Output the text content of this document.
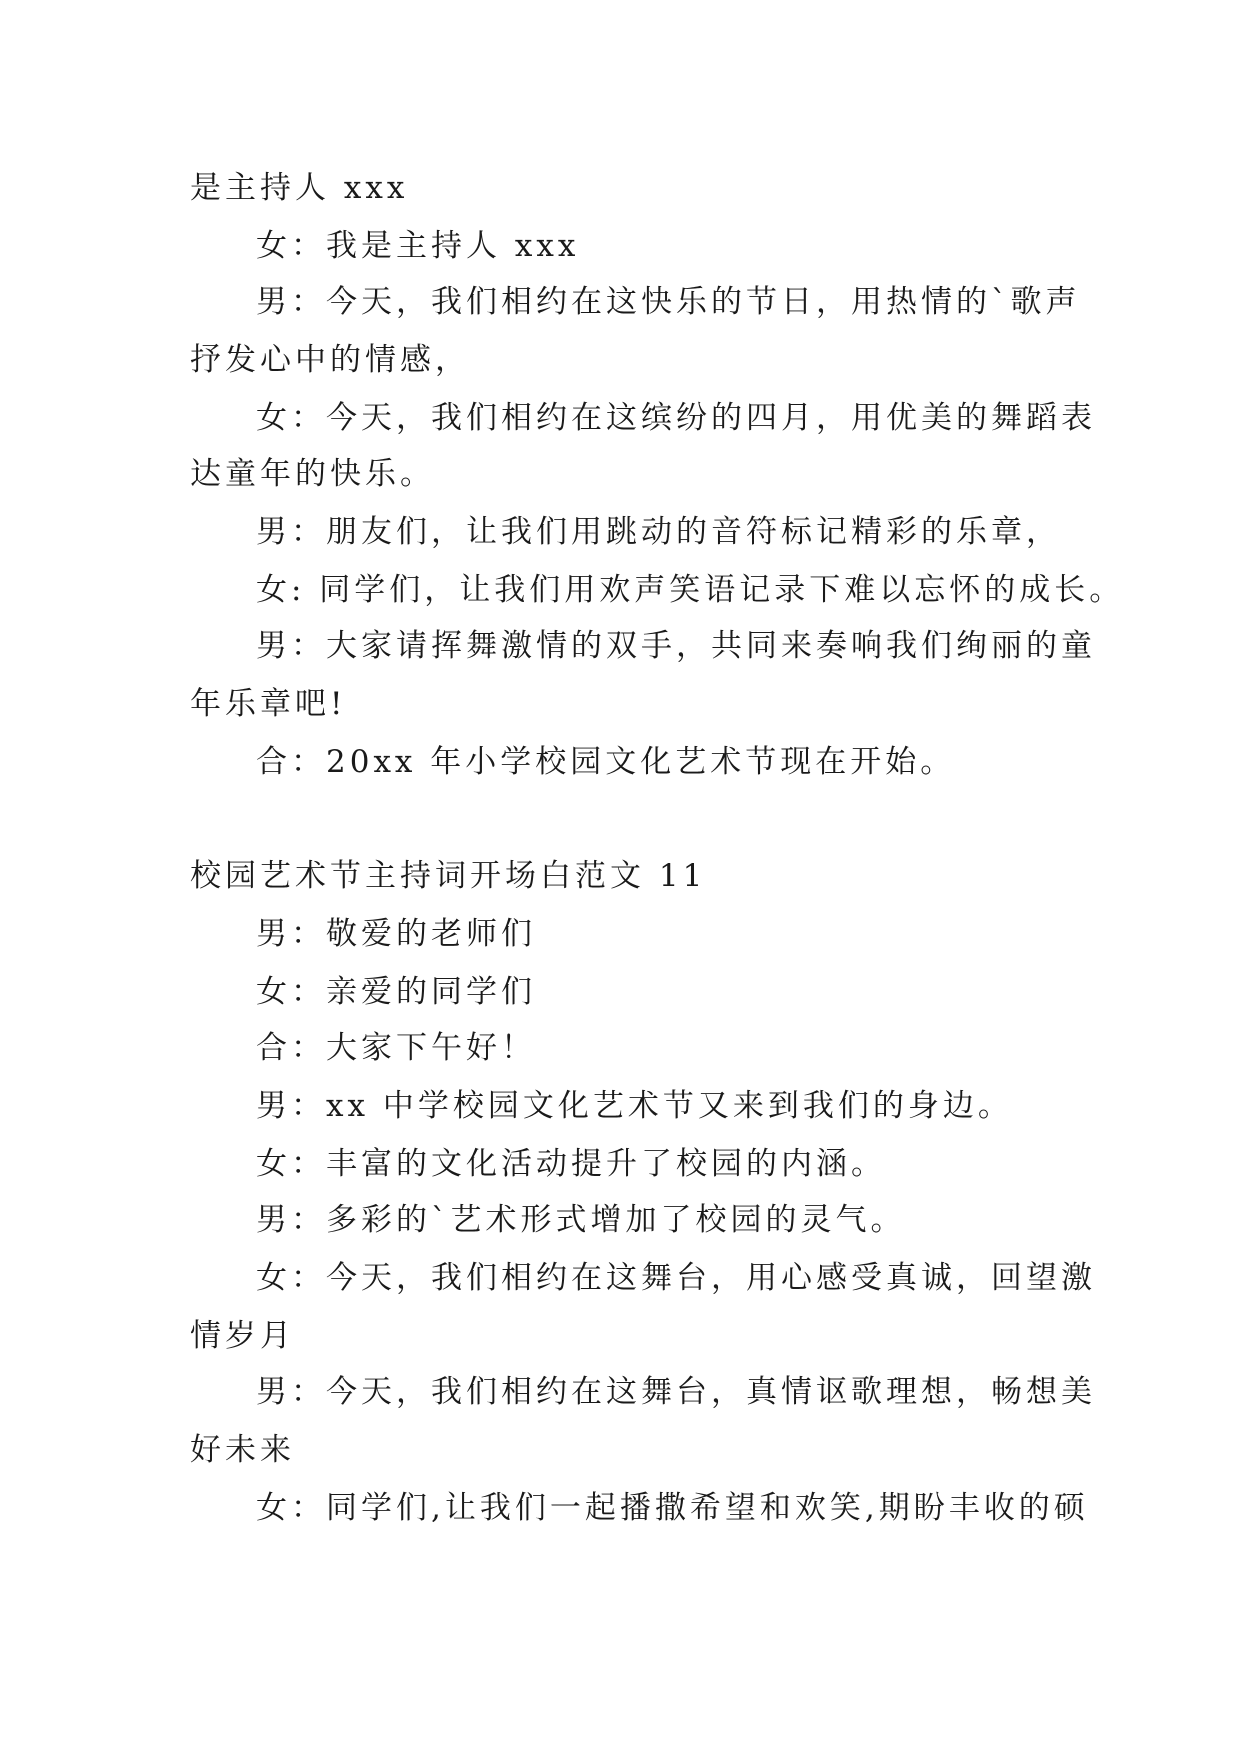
是主持人 xxx
女：我是主持人 xxx
男：今天，我们相约在这快乐的节日，用热情的`歌声
抒发心中的情感，
女：今天，我们相约在这缤纷的四月，用优美的舞蹈表
达童年的快乐。
男：朋友们，让我们用跳动的音符标记精彩的乐章，
女: 同学们，让我们用欢声笑语记录下难以忘怀的成长。
男：大家请挥舞激情的双手，共同来奏响我们绚丽的童
年乐章吧!
合：20xx 年小学校园文化艺术节现在开始。
校园艺术节主持词开场白范文 11
男：敬爱的老师们
女：亲爱的同学们
合：大家下午好！
男：xx 中学校园文化艺术节又来到我们的身边。
女：丰富的文化活动提升了校园的内涵。
男：多彩的`艺术形式增加了校园的灵气。
女：今天，我们相约在这舞台，用心感受真诚，回望激
情岁月
男：今天，我们相约在这舞台，真情讴歌理想，畅想美
好未来
女：同学们,让我们一起播撒希望和欢笑,期盼丰收的硕
